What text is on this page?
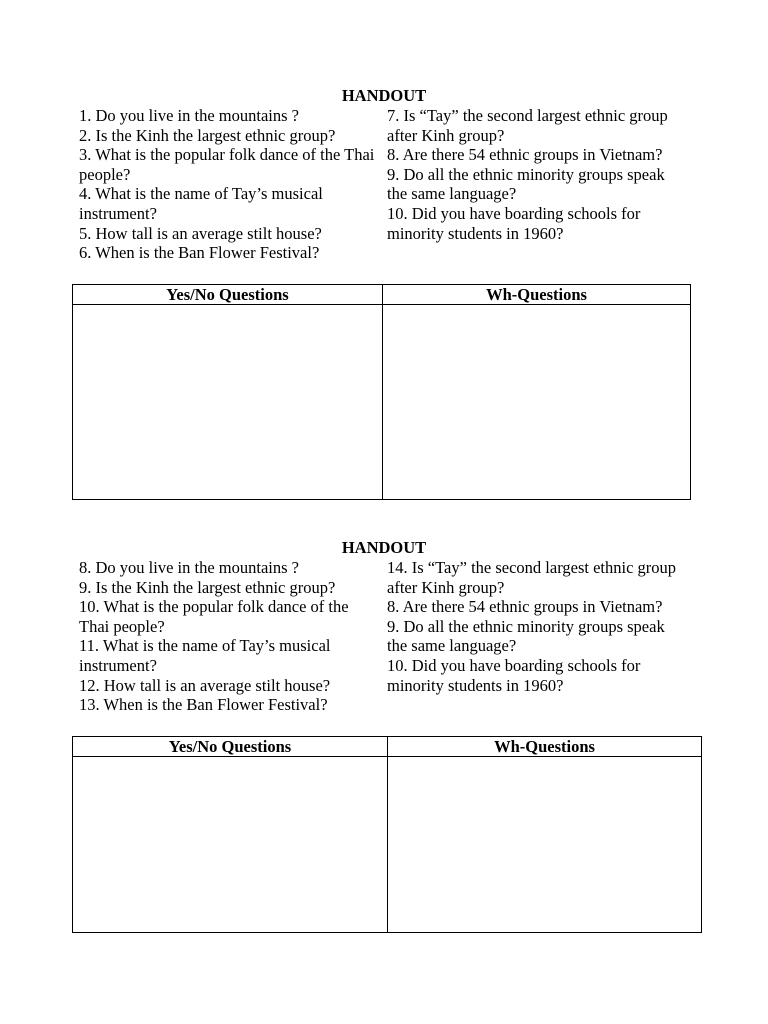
HANDOUT

1. Do you live in the mountains ?

2. Is the Kinh the largest ethnic group?

3. What is the popular folk dance of the Thai people?

4. What is the name of Tay’s musical instrument?

5. How tall is an average stilt house?

6. When is the Ban Flower Festival?

7. Is “Tay” the second largest ethnic group after Kinh group?

8. Are there 54 ethnic groups in Vietnam?

9. Do all the ethnic minority groups speak the same language?

10. Did you have boarding schools for minority students in 1960?

Yes/No Questions	Wh-Questions

HANDOUT

8. Do you live in the mountains ?

9. Is the Kinh the largest ethnic group?

10. What is the popular folk dance of the Thai people?

11. What is the name of Tay’s musical instrument?

12. How tall is an average stilt house?

13. When is the Ban Flower Festival?

14. Is “Tay” the second largest ethnic group after Kinh group?

8. Are there 54 ethnic groups in Vietnam?

9. Do all the ethnic minority groups speak the same language?

10. Did you have boarding schools for minority students in 1960?

Yes/No Questions	Wh-Questions
